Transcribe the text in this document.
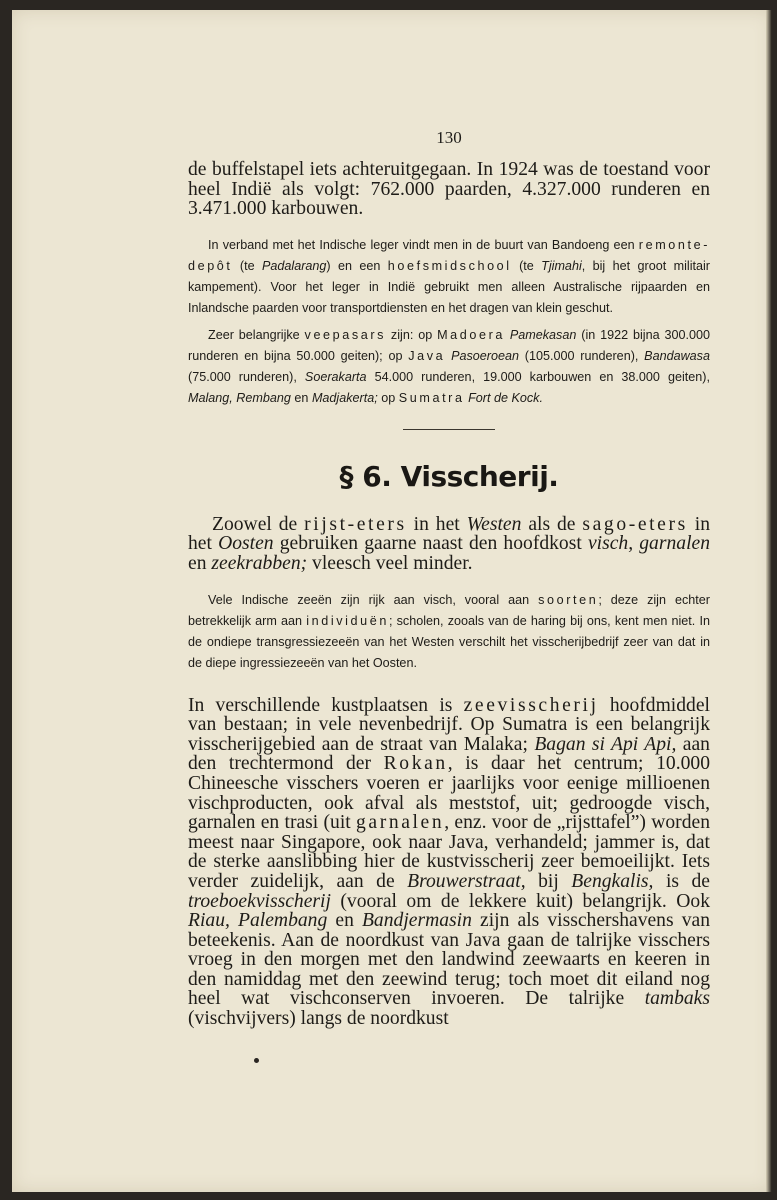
130

de buffelstapel iets achteruitgegaan. In 1924 was de toestand voor heel Indië als volgt: 762.000 paarden, 4.327.000 runderen en 3.471.000 karbouwen.

In verband met het Indische leger vindt men in de buurt van Bandoeng een remonte-depôt (te Padalarang) en een hoefsmidschool (te Tjimahi, bij het groot militair kampement). Voor het leger in Indië gebruikt men alleen Australische rijpaarden en Inlandsche paarden voor transportdiensten en het dragen van klein geschut.

Zeer belangrijke veepasars zijn: op Madoera Pamekasan (in 1922 bijna 300.000 runderen en bijna 50.000 geiten); op Java Pasoeroean (105.000 runderen), Bandawasa (75.000 runderen), Soerakarta 54.000 runderen, 19.000 karbouwen en 38.000 geiten), Malang, Rembang en Madjakerta; op Sumatra Fort de Kock.

§ 6. Visscherij.

Zoowel de rijst-eters in het Westen als de sago-eters in het Oosten gebruiken gaarne naast den hoofdkost visch, garnalen en zeekrabben; vleesch veel minder.

Vele Indische zeeën zijn rijk aan visch, vooral aan soorten; deze zijn echter betrekkelijk arm aan individuën; scholen, zooals van de haring bij ons, kent men niet. In de ondiepe transgressiezeeën van het Westen verschilt het visscherijbedrijf zeer van dat in de diepe ingressiezeeën van het Oosten.

In verschillende kustplaatsen is zeevisscherij hoofdmiddel van bestaan; in vele nevenbedrijf. Op Sumatra is een belangrijk visscherijgebied aan de straat van Malaka; Bagan si Api Api, aan den trechtermond der Rokan, is daar het centrum; 10.000 Chineesche visschers voeren er jaarlijks voor eenige millioenen vischproducten, ook afval als meststof, uit; gedroogde visch, garnalen en trasi (uit garnalen, enz. voor de „rijsttafel”) worden meest naar Singapore, ook naar Java, verhandeld; jammer is, dat de sterke aanslibbing hier de kustvisscherij zeer bemoeilijkt. Iets verder zuidelijk, aan de Brouwerstraat, bij Bengkalis, is de troeboekvisscherij (vooral om de lekkere kuit) belangrijk. Ook Riau, Palembang en Bandjermasin zijn als visschershavens van beteekenis. Aan de noordkust van Java gaan de talrijke visschers vroeg in den morgen met den landwind zeewaarts en keeren in den namiddag met den zeewind terug; toch moet dit eiland nog heel wat vischconserven invoeren. De talrijke tambaks (vischvijvers) langs de noordkust
